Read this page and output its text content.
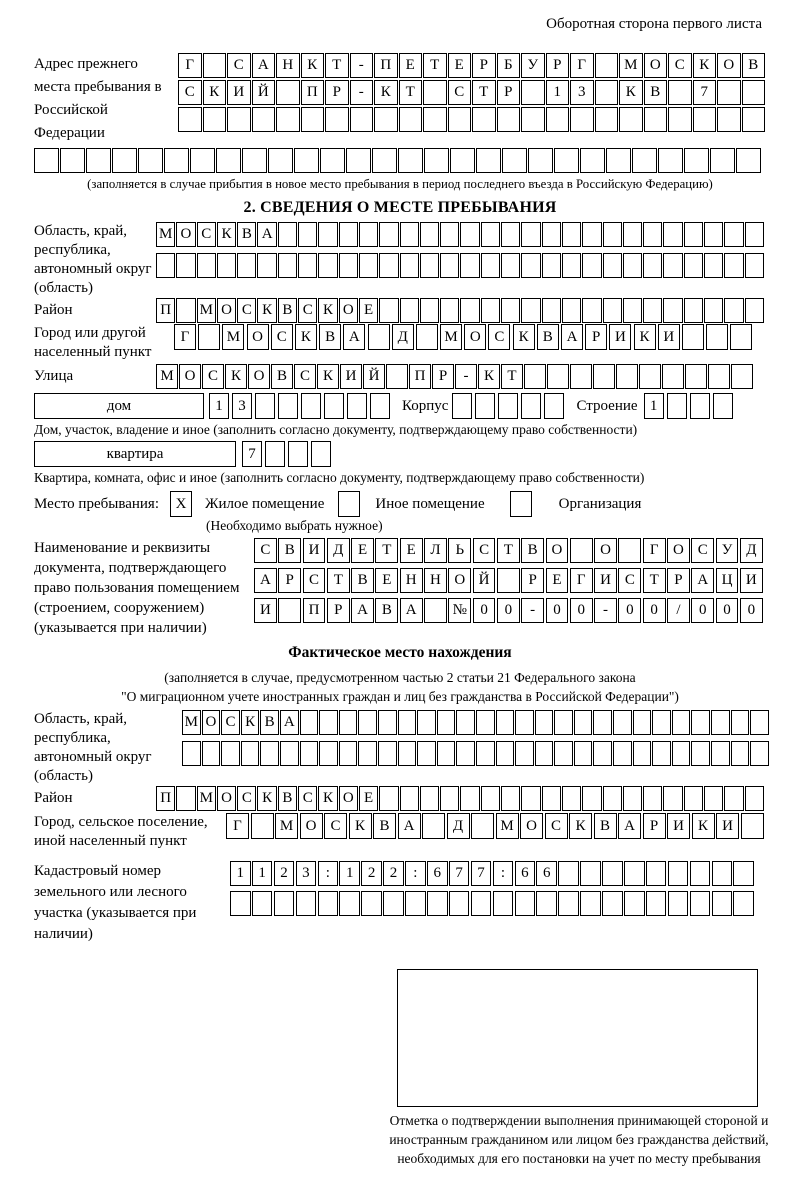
Оборотная сторона первого листа
Адрес прежнего места пребывания в Российской Федерации
Г	С А Н К Т	-	П Е	Т	Е	Р	Б У	Р	Г	М О С К О В
С К И Й	П Р	-	К Т	С Т	Р	1	3	К В	7
(заполняется в случае прибытия в новое место пребывания в период последнего въезда в Российскую Федерацию)
2. СВЕДЕНИЯ О МЕСТЕ ПРЕБЫВАНИЯ
Область, край, республика, автономный округ (область)
М О С К В А
Район	П М О С К В С К О Е
Город или другой населенный пункт
Г	М О С К В А	Д	М О С К В А Р И К И
Улица	М О С К О В С К И Й	П Р	-	К Т
дом	1	3	Корпус	Строение 1
Дом, участок, владение и иное (заполнить согласно документу, подтверждающему право собственности)
квартира	7
Квартира, комната, офис и иное (заполнить согласно документу, подтверждающему право собственности)
Место пребывания:	X	Жилое помещение	Иное помещение	Организация
(Необходимо выбрать нужное)
Наименование и реквизиты документа, подтверждающего право пользования помещением (строением, сооружением) (указывается при наличии)
С В И Д Е	Т	Е Л Ь С Т В О	О	Г О С У Д
А Р	С Т В Е Н Н О Й	Р	Е	Г И С Т	Р А Ц И
И	П Р А В А	№ 0	0	-	0	0	-	0	0	/	0	0	0
Фактическое место нахождения
(заполняется в случае, предусмотренном частью 2 статьи 21 Федерального закона
"О миграционном учете иностранных граждан и лиц без гражданства в Российской Федерации")
Область, край, республика, автономный округ (область)
М О С К В А
Район	П М О С К В С К О Е
Город, сельское поселение, иной населенный пункт
Г	М О С К В А	Д	М О С К В А Р И К И
Кадастровый номер земельного или лесного участка (указывается при наличии)
1 1 2 3	:	1 2 2	:	6 7 7	:	6 6
Отметка о подтверждении выполнения принимающей стороной и иностранным гражданином или лицом без гражданства действий, необходимых для его постановки на учет по месту пребывания
